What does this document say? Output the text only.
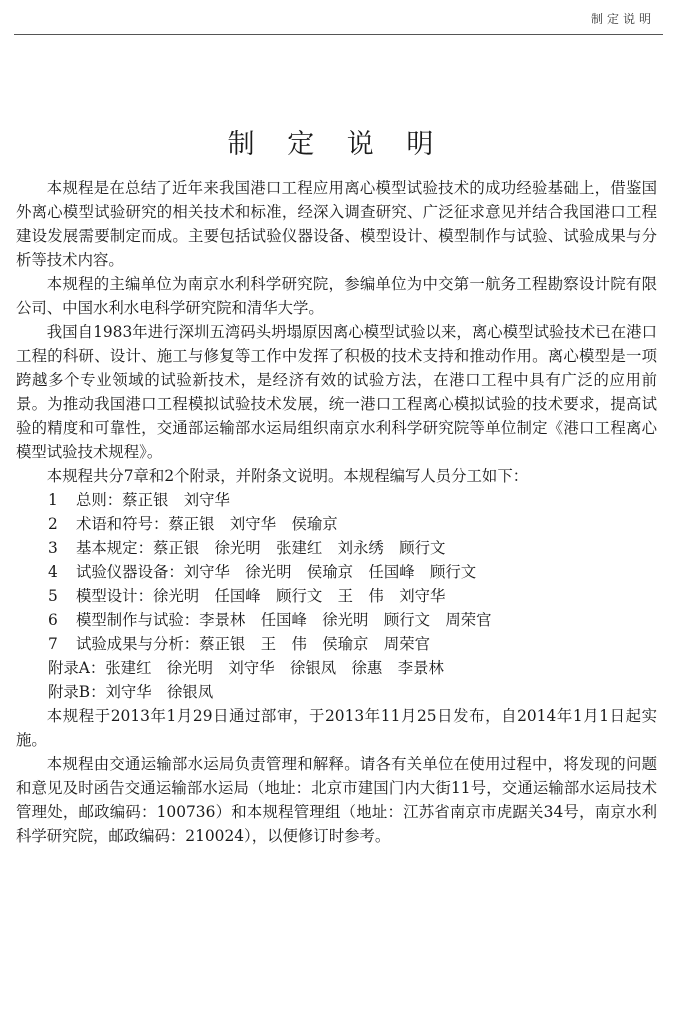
制定说明
制 定 说 明

本规程是在总结了近年来我国港口工程应用离心模型试验技术的成功经验基础上，借鉴国外离心模型试验研究的相关技术和标准，经深入调查研究、广泛征求意见并结合我国港口工程建设发展需要制定而成。主要包括试验仪器设备、模型设计、模型制作与试验、试验成果与分析等技术内容。

本规程的主编单位为南京水利科学研究院，参编单位为中交第一航务工程勘察设计院有限公司、中国水利水电科学研究院和清华大学。

我国自1983年进行深圳五湾码头坍塌原因离心模型试验以来，离心模型试验技术已在港口工程的科研、设计、施工与修复等工作中发挥了积极的技术支持和推动作用。离心模型是一项跨越多个专业领域的试验新技术，是经济有效的试验方法，在港口工程中具有广泛的应用前景。为推动我国港口工程模拟试验技术发展，统一港口工程离心模拟试验的技术要求，提高试验的精度和可靠性，交通部运输部水运局组织南京水利科学研究院等单位制定《港口工程离心模型试验技术规程》。

本规程共分7章和2个附录，并附条文说明。本规程编写人员分工如下：

1 总则：蔡正银　刘守华
2 术语和符号：蔡正银　刘守华　侯瑜京
3 基本规定：蔡正银　徐光明　张建红　刘永绣　顾行文
4 试验仪器设备：刘守华　徐光明　侯瑜京　任国峰　顾行文
5 模型设计：徐光明　任国峰　顾行文　王　伟　刘守华
6 模型制作与试验：李景林　任国峰　徐光明　顾行文　周荣官
7 试验成果与分析：蔡正银　王　伟　侯瑜京　周荣官
附录A：张建红　徐光明　刘守华　徐银凤　徐惠　李景林
附录B：刘守华　徐银凤

本规程于2013年1月29日通过部审，于2013年11月25日发布，自2014年1月1日起实施。

本规程由交通运输部水运局负责管理和解释。请各有关单位在使用过程中，将发现的问题和意见及时函告交通运输部水运局（地址：北京市建国门内大街11号，交通运输部水运局技术管理处，邮政编码：100736）和本规程管理组（地址：江苏省南京市虎踞关34号，南京水利科学研究院，邮政编码：210024），以便修订时参考。
